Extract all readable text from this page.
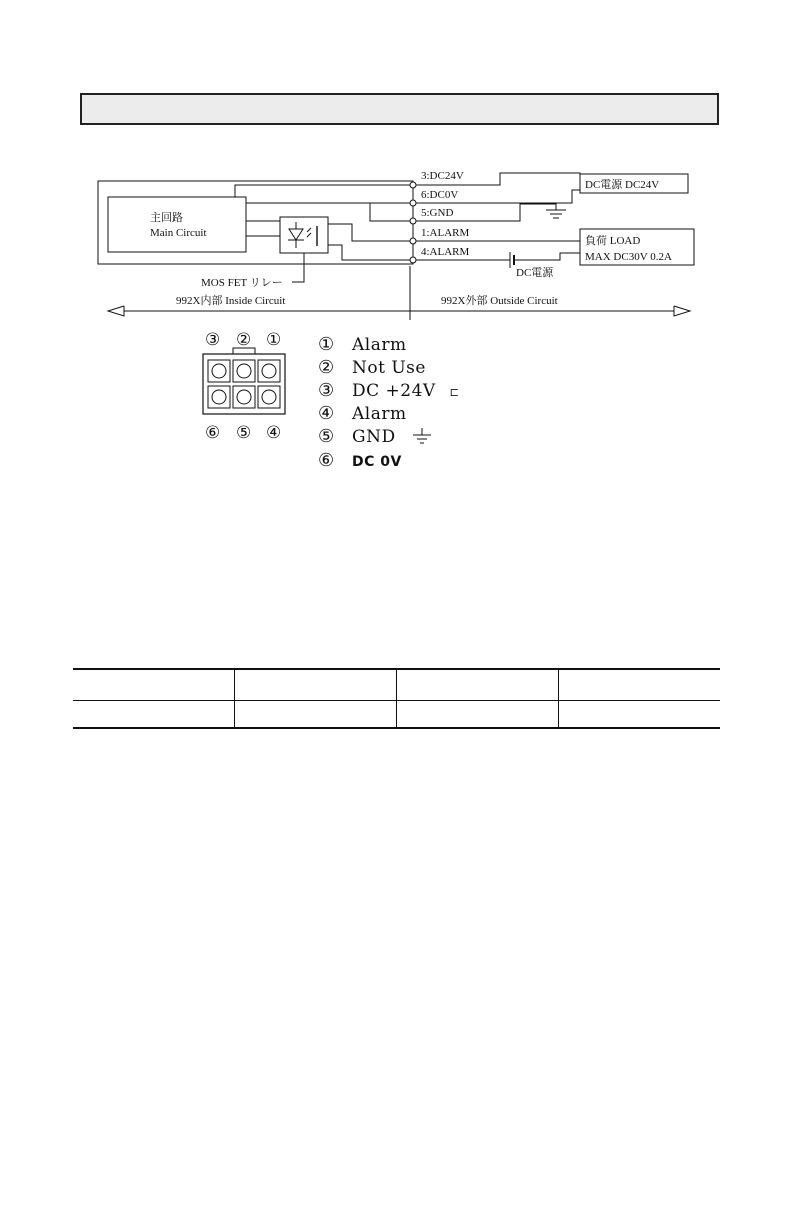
主回路
Main Circuit
MOS FET リレー
3:DC24V
6:DC0V
5:GND
1:ALARM
4:ALARM
DC電源
DC電源 DC24V
負荷 LOAD
MAX DC30V 0.2A
992X内部 Inside Circuit	992X外部 Outside Circuit
③ ② ①
⑥ ⑤ ④
① Alarm
② Not Use
③ DC +24V ⊏
④ Alarm
⑤ GND
⑥ DC 0V
